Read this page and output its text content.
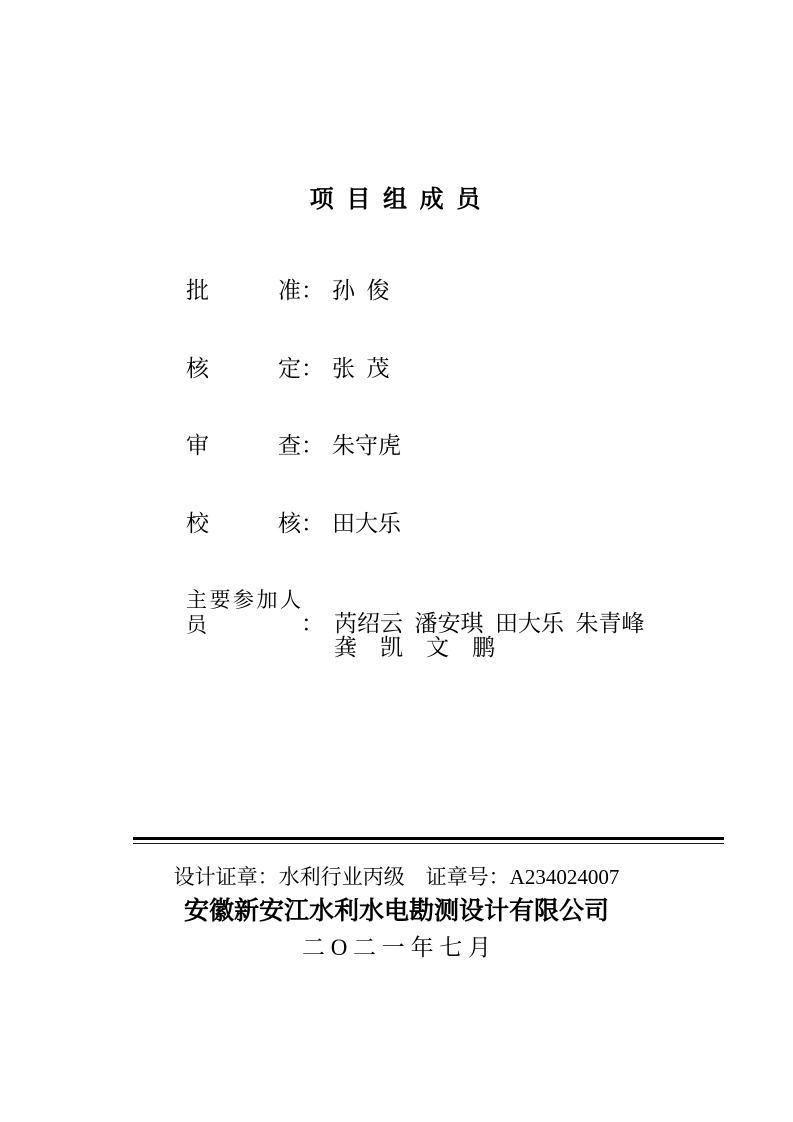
项 目 组 成 员

批准： 孙  俊

核定： 张  茂

审查： 朱守虎

校核： 田大乐

主要参加人员	： 芮绍云  潘安琪  田大乐  朱青峰

龚　凯　文　鹏

设计证章：水利行业丙级　证章号：A234024007
安徽新安江水利水电勘测设计有限公司
二 O 二 一 年 七 月
